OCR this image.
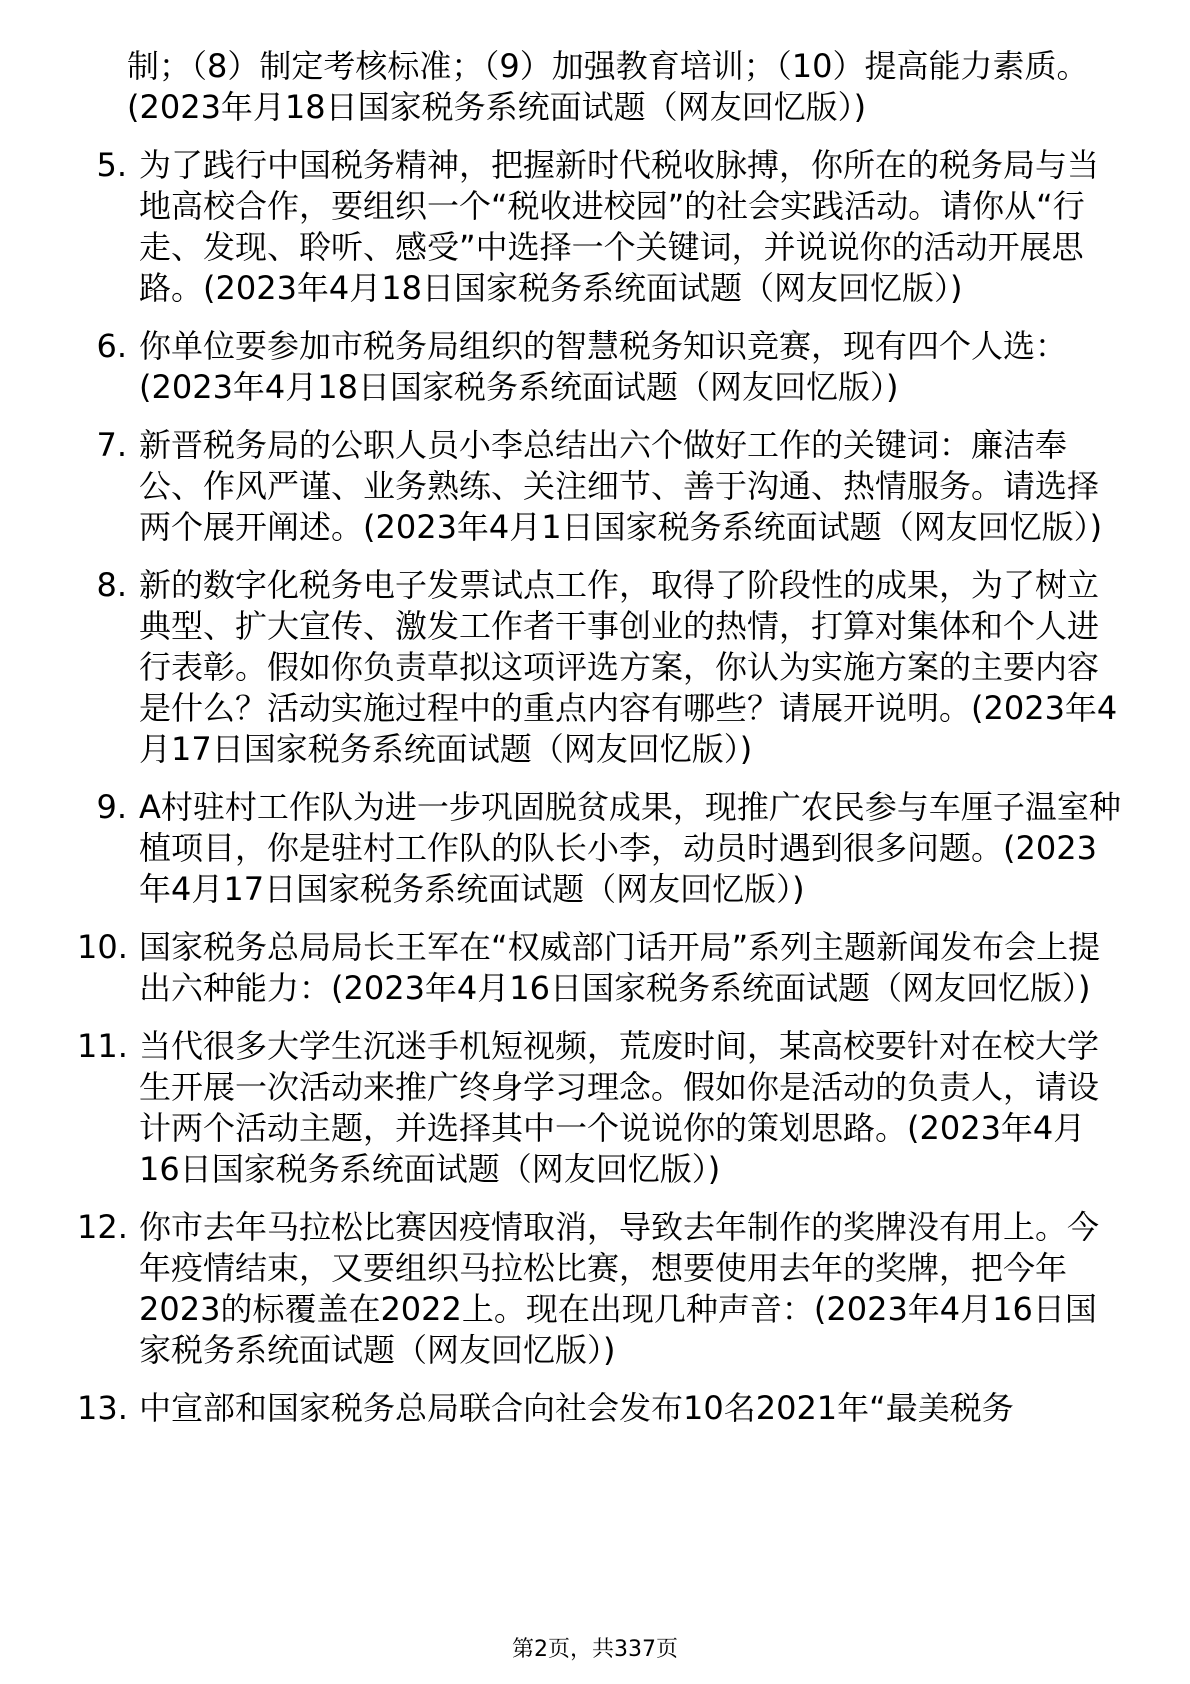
制；（8）制定考核标准；（9）加强教育培训；（10）提高能力素质。(2023年月18日国家税务系统面试题（网友回忆版）)
5. 为了践行中国税务精神，把握新时代税收脉搏，你所在的税务局与当地高校合作，要组织一个“税收进校园”的社会实践活动。请你从“行走、发现、聆听、感受”中选择一个关键词，并说说你的活动开展思路。(2023年4月18日国家税务系统面试题（网友回忆版）)
6. 你单位要参加市税务局组织的智慧税务知识竞赛，现有四个人选：(2023年4月18日国家税务系统面试题（网友回忆版）)
7. 新晋税务局的公职人员小李总结出六个做好工作的关键词：廉洁奉公、作风严谨、业务熟练、关注细节、善于沟通、热情服务。请选择两个展开阐述。(2023年4月1日国家税务系统面试题（网友回忆版）)
8. 新的数字化税务电子发票试点工作，取得了阶段性的成果，为了树立典型、扩大宣传、激发工作者干事创业的热情，打算对集体和个人进行表彰。假如你负责草拟这项评选方案，你认为实施方案的主要内容是什么？活动实施过程中的重点内容有哪些？请展开说明。(2023年4月17日国家税务系统面试题（网友回忆版）)
9. A村驻村工作队为进一步巩固脱贫成果，现推广农民参与车厘子温室种植项目，你是驻村工作队的队长小李，动员时遇到很多问题。(2023年4月17日国家税务系统面试题（网友回忆版）)
10. 国家税务总局局长王军在“权威部门话开局”系列主题新闻发布会上提出六种能力：(2023年4月16日国家税务系统面试题（网友回忆版）)
11. 当代很多大学生沉迷手机短视频，荒废时间，某高校要针对在校大学生开展一次活动来推广终身学习理念。假如你是活动的负责人，请设计两个活动主题，并选择其中一个说说你的策划思路。(2023年4月16日国家税务系统面试题（网友回忆版）)
12. 你市去年马拉松比赛因疫情取消，导致去年制作的奖牌没有用上。今年疫情结束，又要组织马拉松比赛，想要使用去年的奖牌，把今年2023的标覆盖在2022上。现在出现几种声音：(2023年4月16日国家税务系统面试题（网友回忆版）)
13. 中宣部和国家税务总局联合向社会发布10名2021年“最美税务
第2页，共337页
